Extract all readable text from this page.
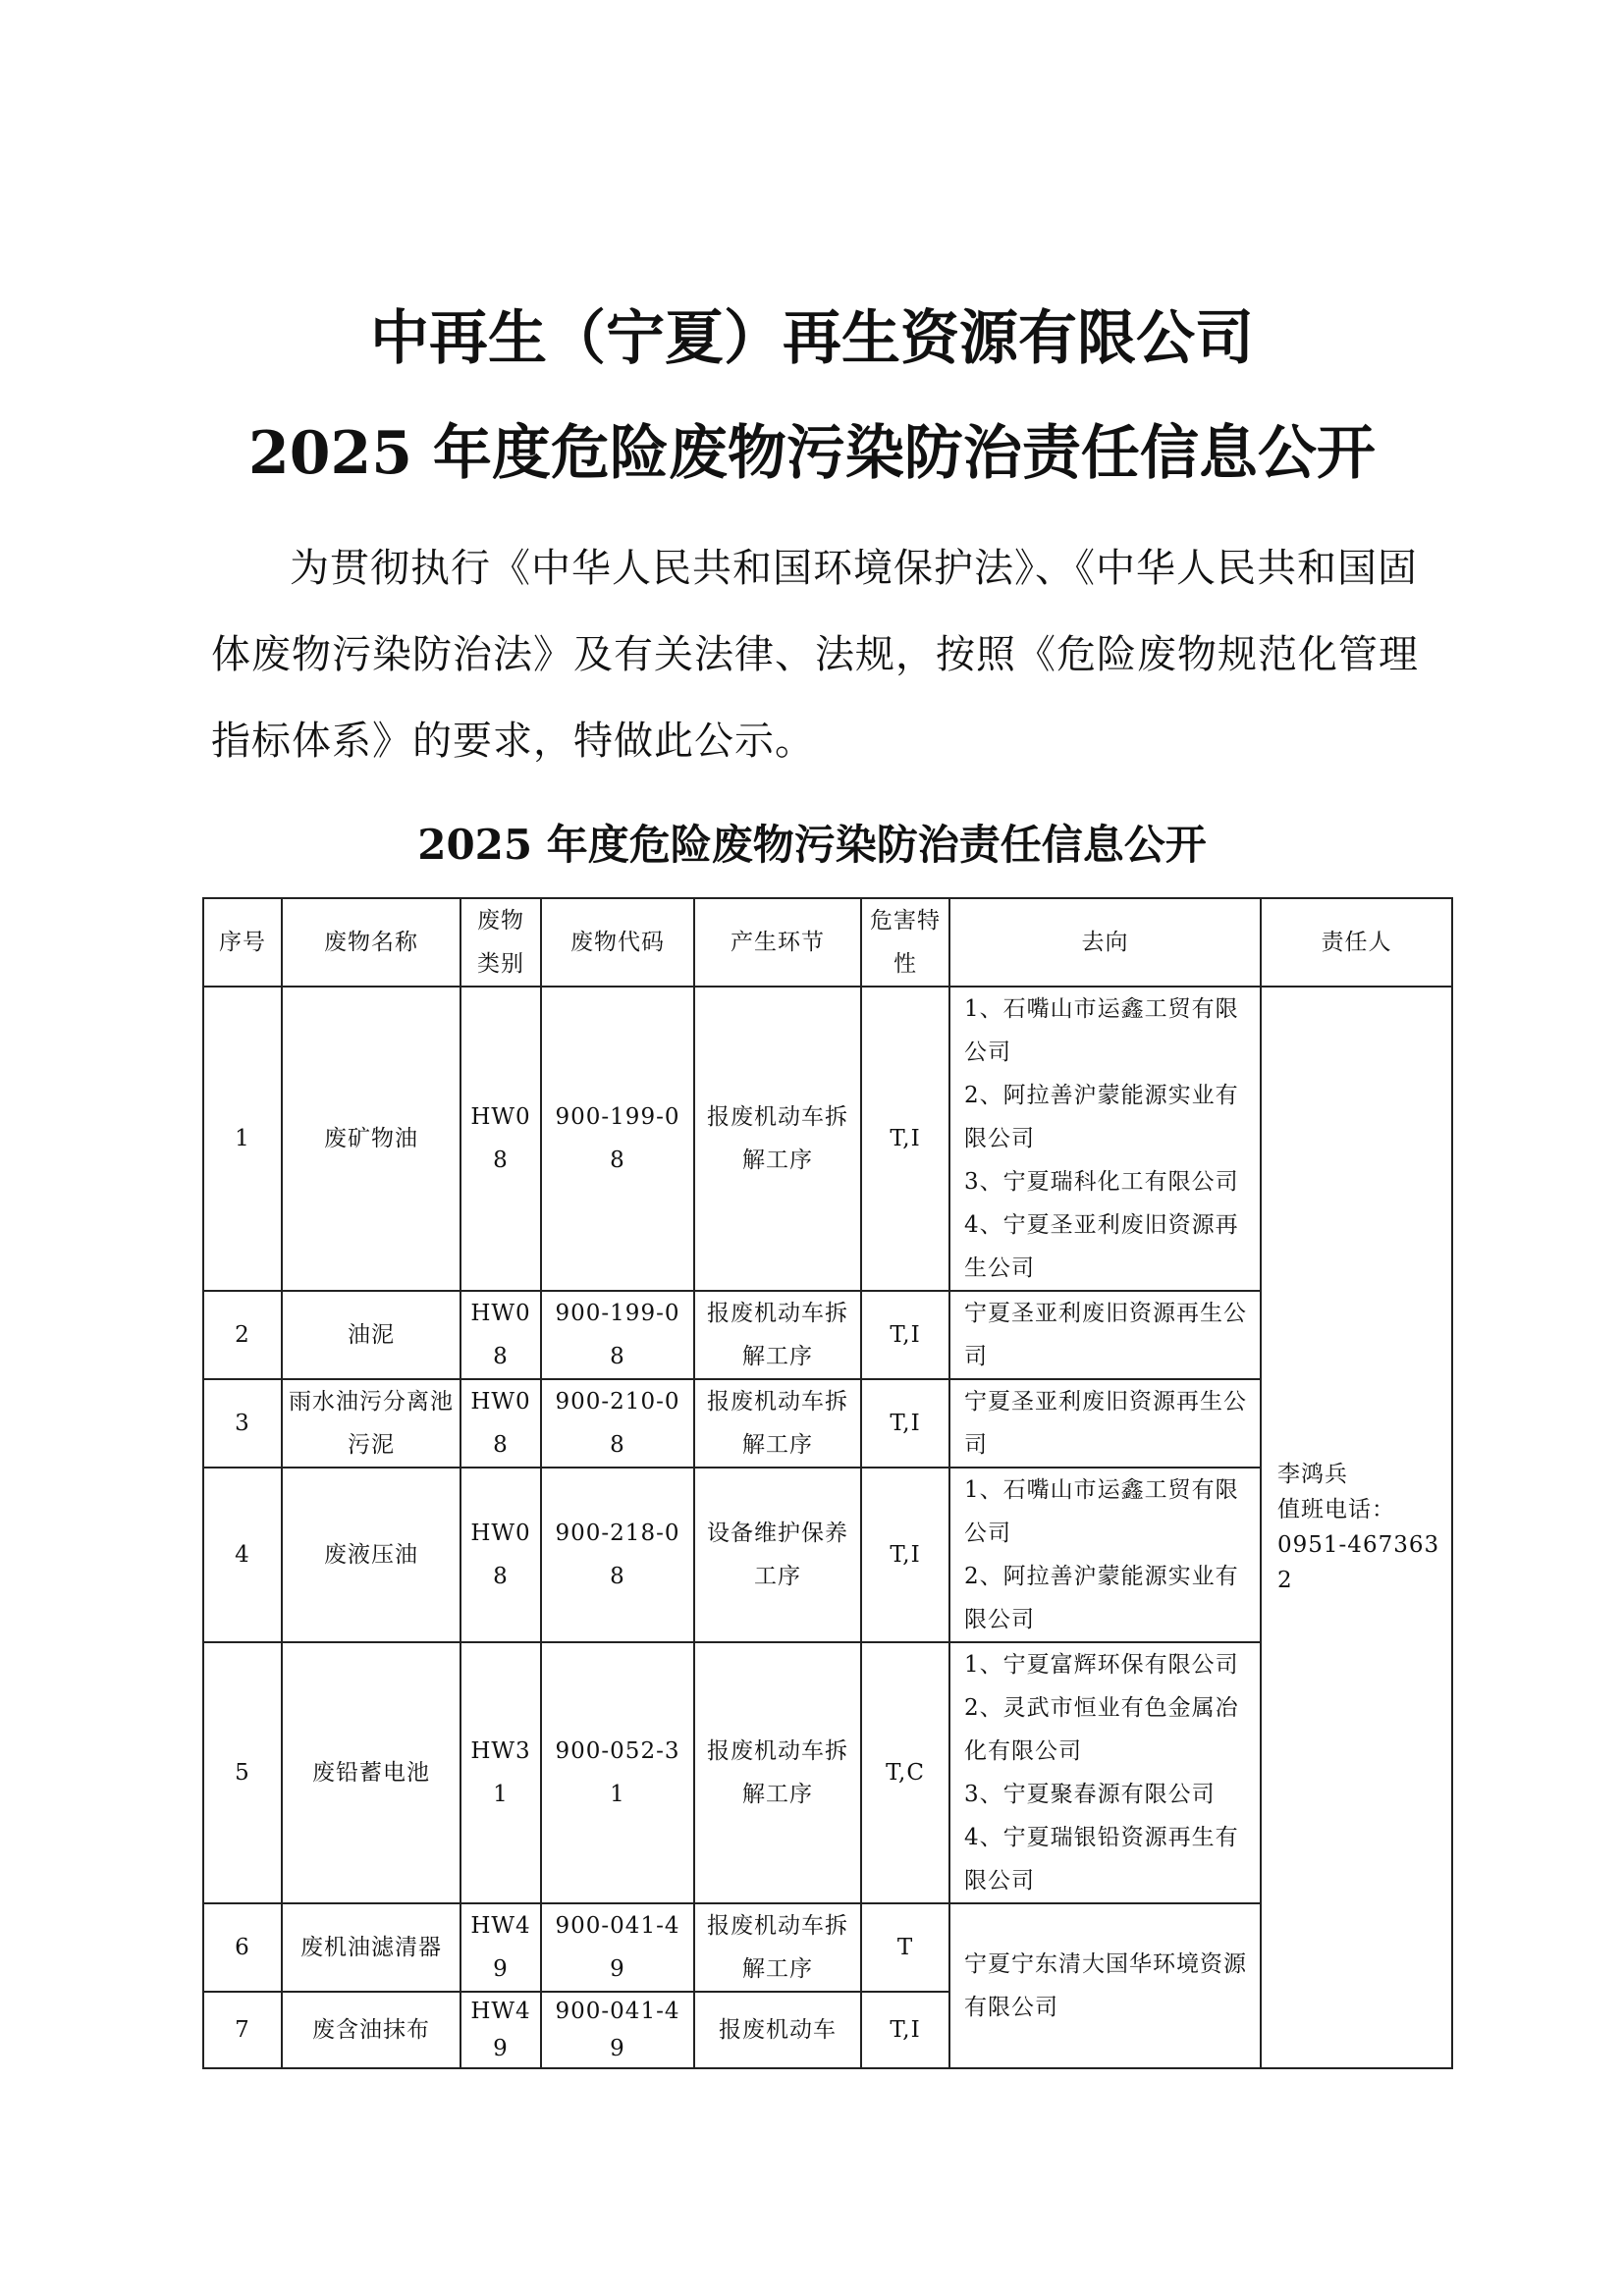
中再生（宁夏）再生资源有限公司
2025 年度危险废物污染防治责任信息公开

为贯彻执行《中华人民共和国环境保护法》、《中华人民共和国固体废物污染防治法》及有关法律、法规，按照《危险废物规范化管理指标体系》的要求，特做此公示。

2025 年度危险废物污染防治责任信息公开
序号	废物名称	废物类别	废物代码	产生环节	危害特性	去向	责任人
1	废矿物油	HW08	900-199-08	报废机动车拆解工序	T,I	1、石嘴山市运鑫工贸有限公司
2、阿拉善沪蒙能源实业有限公司
3、宁夏瑞科化工有限公司
4、宁夏圣亚利废旧资源再生公司	李鸿兵
值班电话：
0951-4673632

2	油泥	HW08	900-199-08	报废机动车拆解工序	T,I	宁夏圣亚利废旧资源再生公司	

3	雨水油污分离池污泥	HW08	900-210-08	报废机动车拆解工序	T,I	宁夏圣亚利废旧资源再生公司	

4	废液压油	HW08	900-218-08	设备维护保养工序	T,I	1、石嘴山市运鑫工贸有限公司
2、阿拉善沪蒙能源实业有限公司	

5	废铅蓄电池	HW31	900-052-31	报废机动车拆解工序	T,C	1、宁夏富辉环保有限公司
2、灵武市恒业有色金属冶化有限公司
3、宁夏聚春源有限公司
4、宁夏瑞银铅资源再生有限公司	

6	废机油滤清器	HW49	900-041-49	报废机动车拆解工序	T	宁夏宁东清大国华环境资源有限公司	
7	废含油抹布	HW49	900-041-49	报废机动车	T,I		
